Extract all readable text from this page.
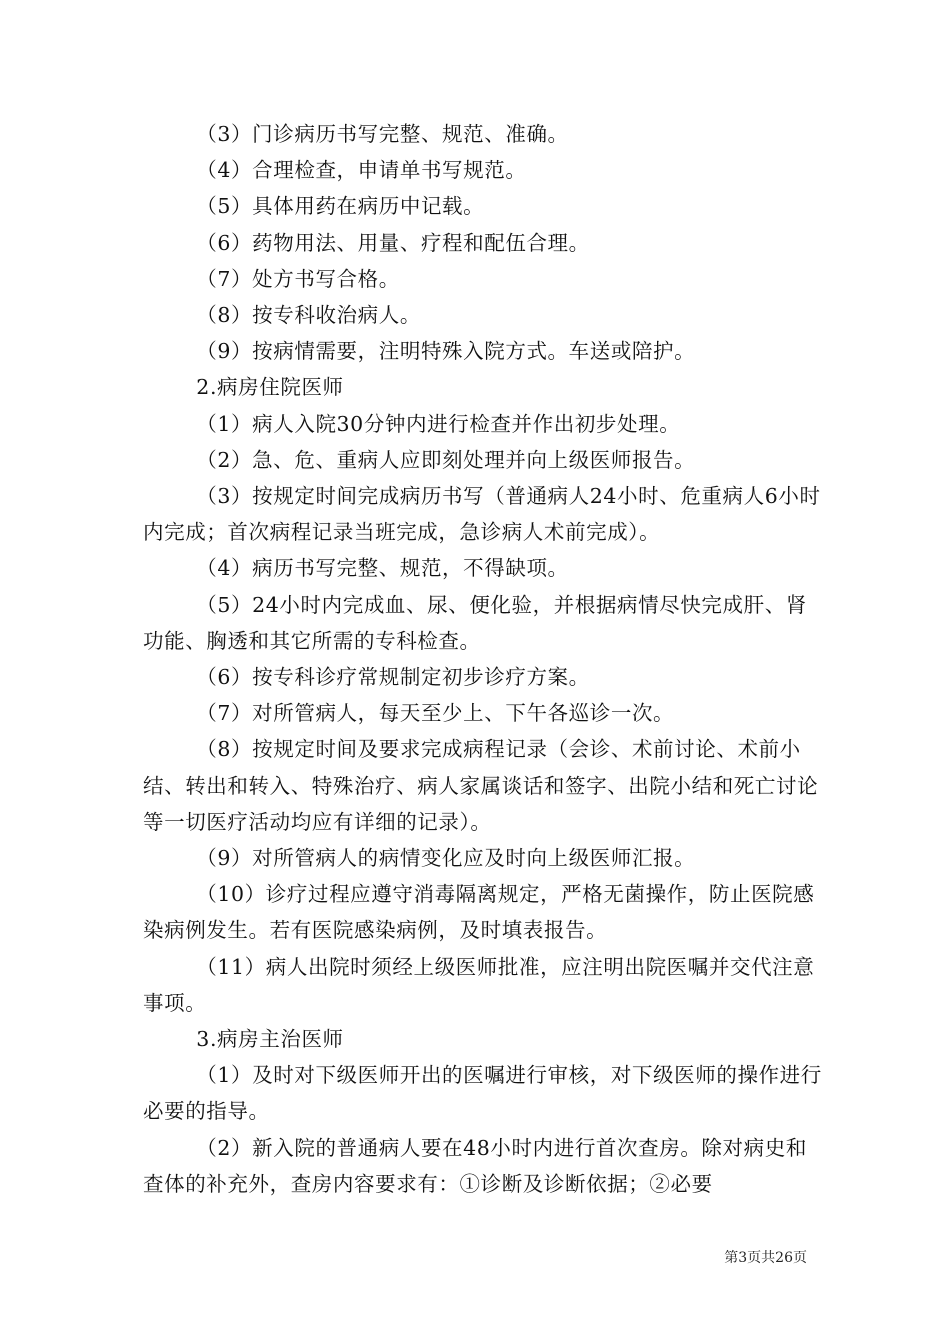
（3）门诊病历书写完整、规范、准确。

（4）合理检查，申请单书写规范。

（5）具体用药在病历中记载。

（6）药物用法、用量、疗程和配伍合理。

（7）处方书写合格。

（8）按专科收治病人。

（9）按病情需要，注明特殊入院方式。车送或陪护。

2.病房住院医师

（1）病人入院30分钟内进行检查并作出初步处理。

（2）急、危、重病人应即刻处理并向上级医师报告。

（3）按规定时间完成病历书写（普通病人24小时、危重病人6小时内完成；首次病程记录当班完成，急诊病人术前完成）。

（4）病历书写完整、规范，不得缺项。

（5）24小时内完成血、尿、便化验，并根据病情尽快完成肝、肾功能、胸透和其它所需的专科检查。

（6）按专科诊疗常规制定初步诊疗方案。

（7）对所管病人，每天至少上、下午各巡诊一次。

（8）按规定时间及要求完成病程记录（会诊、术前讨论、术前小结、转出和转入、特殊治疗、病人家属谈话和签字、出院小结和死亡讨论等一切医疗活动均应有详细的记录）。

（9）对所管病人的病情变化应及时向上级医师汇报。

（10）诊疗过程应遵守消毒隔离规定，严格无菌操作，防止医院感染病例发生。若有医院感染病例，及时填表报告。

（11）病人出院时须经上级医师批准，应注明出院医嘱并交代注意事项。

3.病房主治医师

（1）及时对下级医师开出的医嘱进行审核，对下级医师的操作进行必要的指导。

（2）新入院的普通病人要在48小时内进行首次查房。除对病史和查体的补充外，查房内容要求有：①诊断及诊断依据；②必要

第3页共26页
